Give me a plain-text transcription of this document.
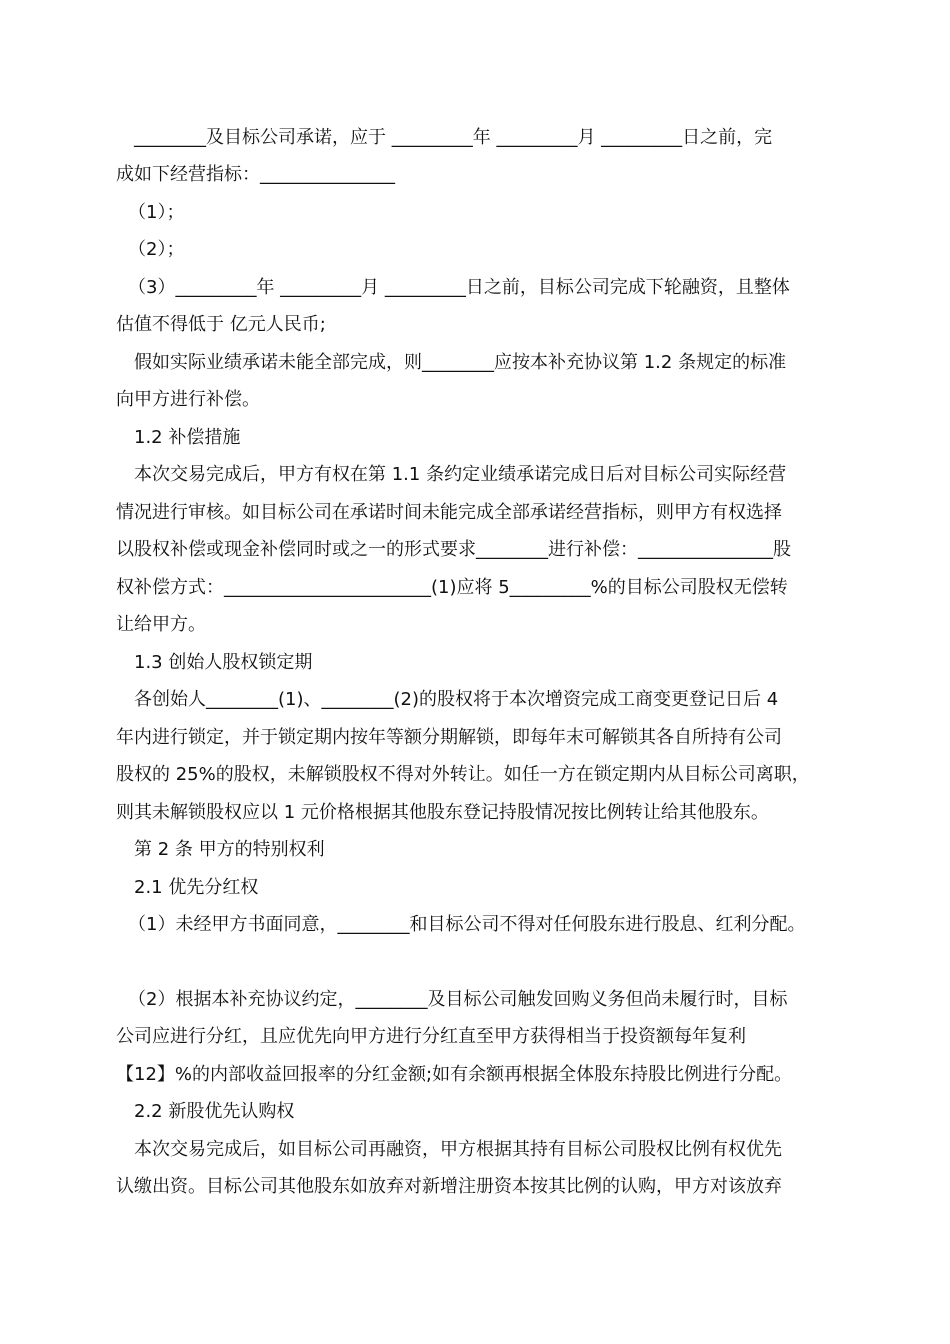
________及目标公司承诺，应于 _________年 _________月 _________日之前，完
成如下经营指标：_______________
（1）；
（2）；
（3）_________年 _________月 _________日之前，目标公司完成下轮融资，且整体
估值不得低于 亿元人民币;
假如实际业绩承诺未能全部完成，则________应按本补充协议第 1.2 条规定的标准
向甲方进行补偿。
1.2 补偿措施
本次交易完成后，甲方有权在第 1.1 条约定业绩承诺完成日后对目标公司实际经营
情况进行审核。如目标公司在承诺时间未能完成全部承诺经营指标，则甲方有权选择
以股权补偿或现金补偿同时或之一的形式要求________进行补偿：_______________股
权补偿方式：_______________________(1)应将 5_________%的目标公司股权无偿转
让给甲方。
1.3 创始人股权锁定期
各创始人________(1)、________(2)的股权将于本次增资完成工商变更登记日后 4
年内进行锁定，并于锁定期内按年等额分期解锁，即每年末可解锁其各自所持有公司
股权的 25%的股权，未解锁股权不得对外转让。如任一方在锁定期内从目标公司离职，
则其未解锁股权应以 1 元价格根据其他股东登记持股情况按比例转让给其他股东。
第 2 条 甲方的特别权利
2.1 优先分红权
（1）未经甲方书面同意，________和目标公司不得对任何股东进行股息、红利分配。
（2）根据本补充协议约定，________及目标公司触发回购义务但尚未履行时，目标
公司应进行分红，且应优先向甲方进行分红直至甲方获得相当于投资额每年复利
【12】%的内部收益回报率的分红金额;如有余额再根据全体股东持股比例进行分配。
2.2 新股优先认购权
本次交易完成后，如目标公司再融资，甲方根据其持有目标公司股权比例有权优先
认缴出资。目标公司其他股东如放弃对新增注册资本按其比例的认购，甲方对该放弃
